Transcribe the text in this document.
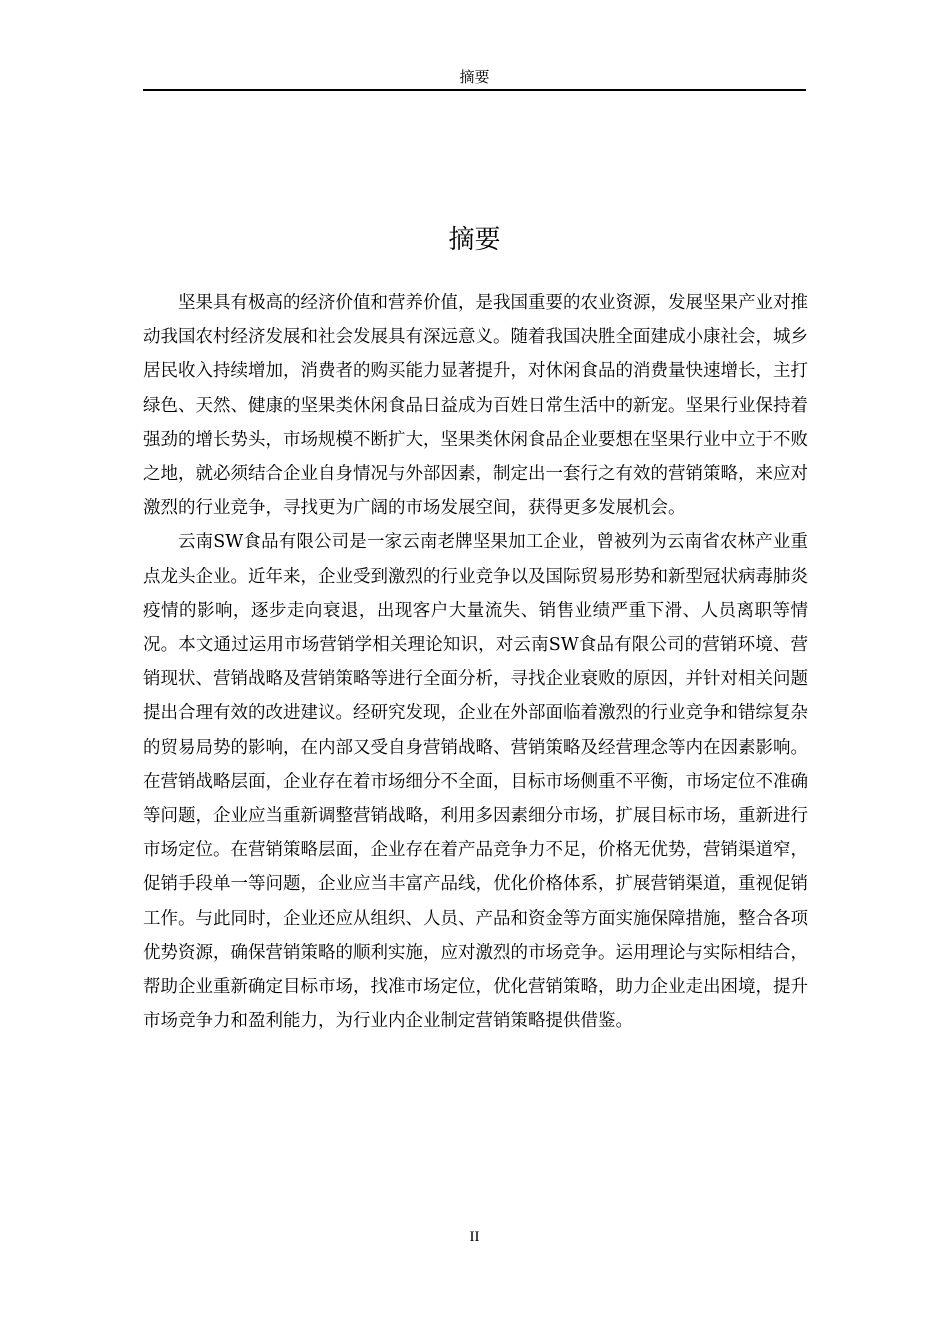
摘要
摘要

坚果具有极高的经济价值和营养价值，是我国重要的农业资源，发展坚果产业对推动我国农村经济发展和社会发展具有深远意义。随着我国决胜全面建成小康社会，城乡居民收入持续增加，消费者的购买能力显著提升，对休闲食品的消费量快速增长，主打绿色、天然、健康的坚果类休闲食品日益成为百姓日常生活中的新宠。坚果行业保持着强劲的增长势头，市场规模不断扩大，坚果类休闲食品企业要想在坚果行业中立于不败之地，就必须结合企业自身情况与外部因素，制定出一套行之有效的营销策略，来应对激烈的行业竞争，寻找更为广阔的市场发展空间，获得更多发展机会。

云南SW食品有限公司是一家云南老牌坚果加工企业，曾被列为云南省农林产业重点龙头企业。近年来，企业受到激烈的行业竞争以及国际贸易形势和新型冠状病毒肺炎疫情的影响，逐步走向衰退，出现客户大量流失、销售业绩严重下滑、人员离职等情况。本文通过运用市场营销学相关理论知识，对云南SW食品有限公司的营销环境、营销现状、营销战略及营销策略等进行全面分析，寻找企业衰败的原因，并针对相关问题提出合理有效的改进建议。经研究发现，企业在外部面临着激烈的行业竞争和错综复杂的贸易局势的影响，在内部又受自身营销战略、营销策略及经营理念等内在因素影响。在营销战略层面，企业存在着市场细分不全面，目标市场侧重不平衡，市场定位不准确等问题，企业应当重新调整营销战略，利用多因素细分市场，扩展目标市场，重新进行市场定位。在营销策略层面，企业存在着产品竞争力不足，价格无优势，营销渠道窄，促销手段单一等问题，企业应当丰富产品线，优化价格体系，扩展营销渠道，重视促销工作。与此同时，企业还应从组织、人员、产品和资金等方面实施保障措施，整合各项优势资源，确保营销策略的顺利实施，应对激烈的市场竞争。运用理论与实际相结合，帮助企业重新确定目标市场，找准市场定位，优化营销策略，助力企业走出困境，提升市场竞争力和盈利能力，为行业内企业制定营销策略提供借鉴。

II
